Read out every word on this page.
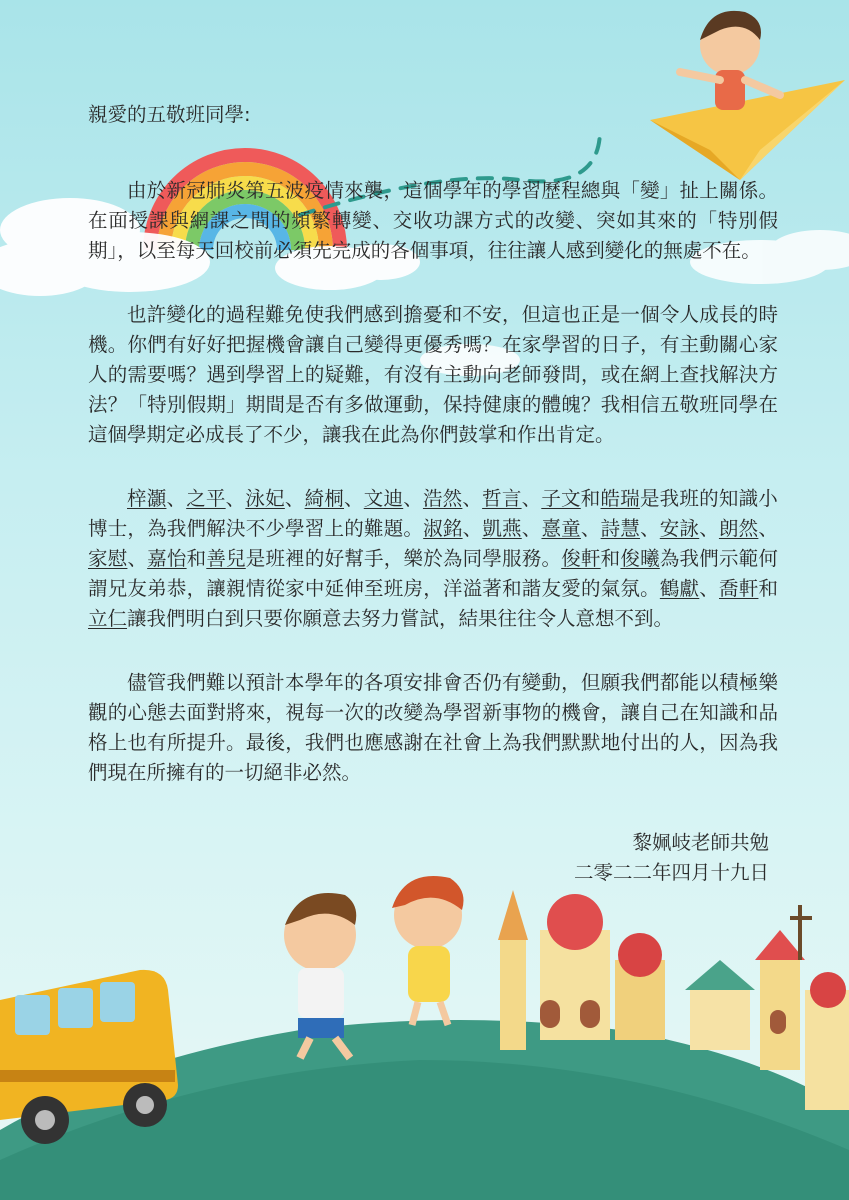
親愛的五敬班同學:

由於新冠肺炎第五波疫情來襲，這個學年的學習歷程總與「變」扯上關係。在面授課與網課之間的頻繁轉變、交收功課方式的改變、突如其來的「特別假期」，以至每天回校前必須先完成的各個事項，往往讓人感到變化的無處不在。

也許變化的過程難免使我們感到擔憂和不安，但這也正是一個令人成長的時機。你們有好好把握機會讓自己變得更優秀嗎？在家學習的日子，有主動關心家人的需要嗎？遇到學習上的疑難，有沒有主動向老師發問，或在網上查找解決方法？「特別假期」期間是否有多做運動，保持健康的體魄？我相信五敬班同學在這個學期定必成長了不少，讓我在此為你們鼓掌和作出肯定。

梓灝、之平、泳妃、綺桐、文迪、浩然、哲言、子文和皓瑞是我班的知識小博士，為我們解決不少學習上的難題。淑銘、凱燕、憙童、詩慧、安詠、朗然、家慰、嘉怡和善兒是班裡的好幫手，樂於為同學服務。俊軒和俊曦為我們示範何謂兄友弟恭，讓親情從家中延伸至班房，洋溢著和諧友愛的氣氛。鶴獻、喬軒和立仁讓我們明白到只要你願意去努力嘗試，結果往往令人意想不到。

儘管我們難以預計本學年的各項安排會否仍有變動，但願我們都能以積極樂觀的心態去面對將來，視每一次的改變為學習新事物的機會，讓自己在知識和品格上也有所提升。最後，我們也應感謝在社會上為我們默默地付出的人，因為我們現在所擁有的一切絕非必然。

黎姵岐老師共勉
二零二二年四月十九日
